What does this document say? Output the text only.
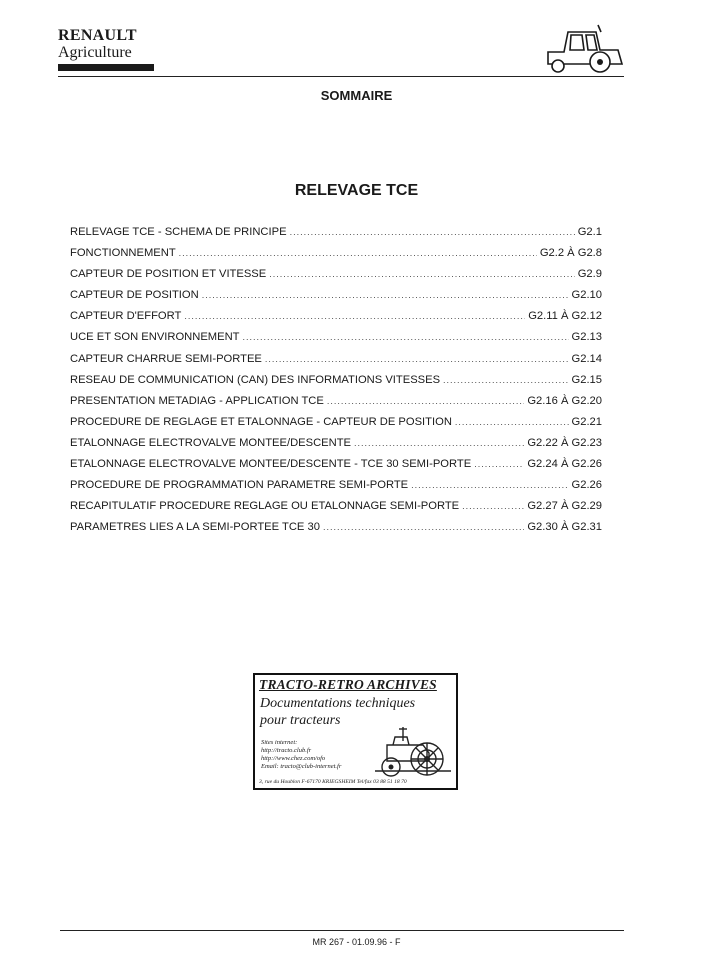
RENAULT
Agriculture
SOMMAIRE
RELEVAGE TCE
RELEVAGE TCE - SCHEMA DE PRINCIPE .....	G2.1
FONCTIONNEMENT .....	G2.2 À G2.8
CAPTEUR DE POSITION ET VITESSE .....	G2.9
CAPTEUR DE POSITION .....	G2.10
CAPTEUR D'EFFORT .....	G2.11 À G2.12
UCE ET SON ENVIRONNEMENT .....	G2.13
CAPTEUR CHARRUE SEMI-PORTEE .....	G2.14
RESEAU DE COMMUNICATION (CAN) DES INFORMATIONS VITESSES .....	G2.15
PRESENTATION METADIAG - APPLICATION TCE .....	G2.16 À G2.20
PROCEDURE DE REGLAGE ET ETALONNAGE - CAPTEUR DE POSITION .....	G2.21
ETALONNAGE ELECTROVALVE MONTEE/DESCENTE .....	G2.22 À G2.23
ETALONNAGE ELECTROVALVE MONTEE/DESCENTE - TCE 30 SEMI-PORTE .....	G2.24 À G2.26
PROCEDURE DE PROGRAMMATION PARAMETRE SEMI-PORTE .....	G2.26
RECAPITULATIF PROCEDURE REGLAGE OU ETALONNAGE SEMI-PORTE .....	G2.27 À G2.29
PARAMETRES LIES A LA SEMI-PORTEE TCE 30 .....	G2.30 À G2.31
TRACTO-RETRO ARCHIVES
Documentations techniques
pour tracteurs
Sites internet:
http://tracto.club.fr
http://www.chez.com/ofo
Email: tracto@club-internet.fr
3, rue du Houblon F-67170 KRIEGSHEIM Tel/fax 03 88 51 18 70
MR 267 - 01.09.96 - F
